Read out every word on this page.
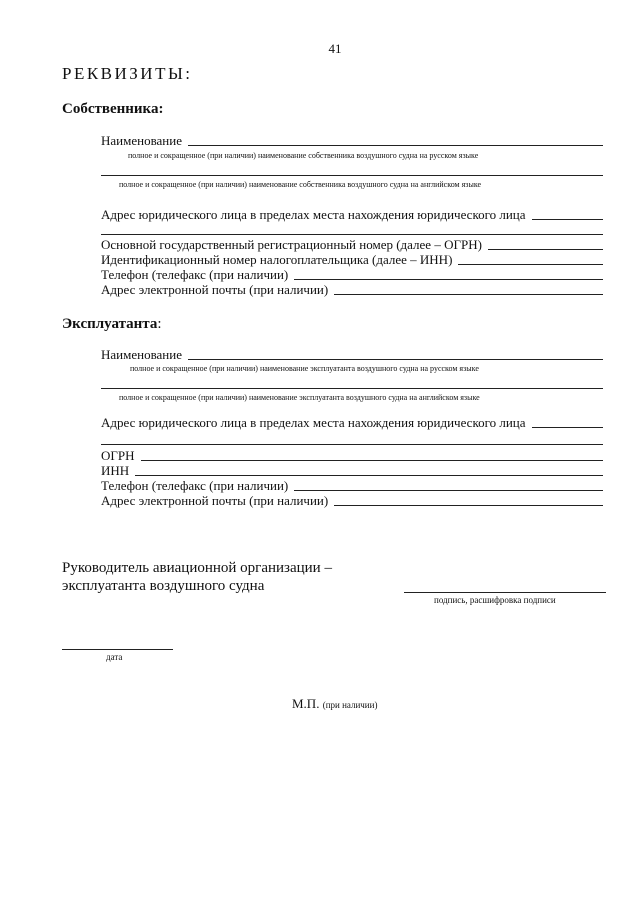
41
РЕКВИЗИТЫ:
Собственника:
Наименование
полное и сокращенное (при наличии) наименование собственника воздушного судна на русском языке
полное и сокращенное (при наличии) наименование собственника воздушного судна на английском языке
Адрес юридического лица в пределах места нахождения юридического лица
Основной государственный регистрационный номер (далее – ОГРН)
Идентификационный номер налогоплательщика (далее – ИНН)
Телефон (телефакс (при наличии)
Адрес электронной почты (при наличии)
Эксплуатанта:
Наименование
полное и сокращенное (при наличии) наименование эксплуатанта воздушного судна на русском языке
полное и сокращенное (при наличии) наименование эксплуатанта воздушного судна на английском языке
Адрес юридического лица в пределах места нахождения юридического лица
ОГРН
ИНН
Телефон (телефакс (при наличии)
Адрес электронной почты (при наличии)
Руководитель авиационной организации –
эксплуатанта воздушного судна
подпись, расшифровка подписи
дата
М.П. (при наличии)
